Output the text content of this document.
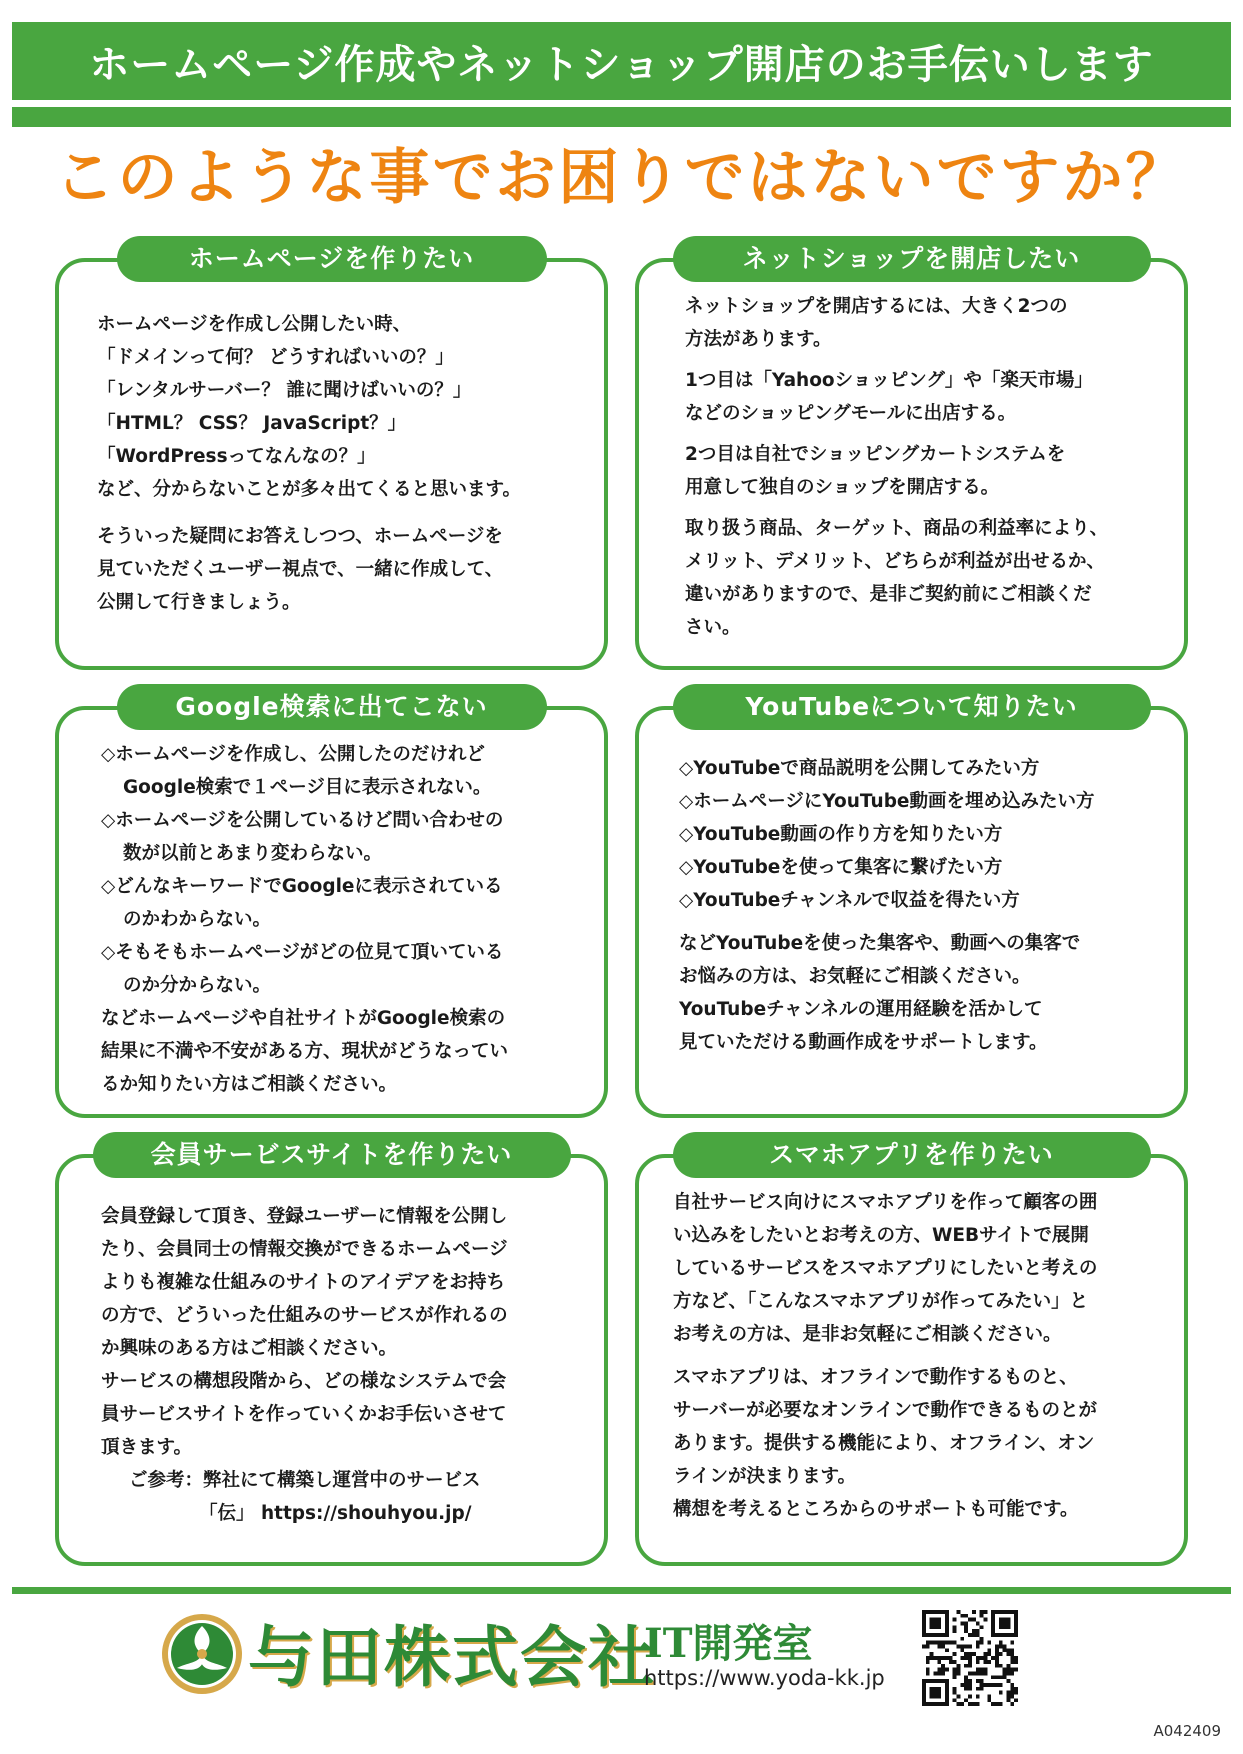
ホームページ作成やネットショップ開店のお手伝いします
このような事でお困りではないですか？
ホームページを作りたい

ホームページを作成し公開したい時、

「ドメインって何？ どうすればいいの？」

「レンタルサーバー？ 誰に聞けばいいの？」

「HTML？ CSS？ JavaScript？」

「WordPressってなんなの？」

など、分からないことが多々出てくると思います。

そういった疑問にお答えしつつ、ホームページを

見ていただくユーザー視点で、一緒に作成して、

公開して行きましょう。

ネットショップを開店したい

ネットショップを開店するには、大きく2つの

方法があります。

1つ目は「Yahooショッピング」や「楽天市場」

などのショッピングモールに出店する。

2つ目は自社でショッピングカートシステムを

用意して独自のショップを開店する。

取り扱う商品、ターゲット、商品の利益率により、

メリット、デメリット、どちらが利益が出せるか、

違いがありますので、是非ご契約前にご相談くだ

さい。

Google検索に出てこない

◇ホームページを作成し、公開したのだけれど

Google検索で１ページ目に表示されない。

◇ホームページを公開しているけど問い合わせの

数が以前とあまり変わらない。

◇どんなキーワードでGoogleに表示されている

のかわからない。

◇そもそもホームページがどの位見て頂いている

のか分からない。

などホームページや自社サイトがGoogle検索の

結果に不満や不安がある方、現状がどうなってい

るか知りたい方はご相談ください。

YouTubeについて知りたい

◇YouTubeで商品説明を公開してみたい方

◇ホームページにYouTube動画を埋め込みたい方

◇YouTube動画の作り方を知りたい方

◇YouTubeを使って集客に繋げたい方

◇YouTubeチャンネルで収益を得たい方

などYouTubeを使った集客や、動画への集客で

お悩みの方は、お気軽にご相談ください。

YouTubeチャンネルの運用経験を活かして

見ていただける動画作成をサポートします。

会員サービスサイトを作りたい

会員登録して頂き、登録ユーザーに情報を公開し

たり、会員同士の情報交換ができるホームページ

よりも複雑な仕組みのサイトのアイデアをお持ち

の方で、どういった仕組みのサービスが作れるの

か興味のある方はご相談ください。

サービスの構想段階から、どの様なシステムで会

員サービスサイトを作っていくかお手伝いさせて

頂きます。

ご参考：弊社にて構築し運営中のサービス

「伝」 https://shouhyou.jp/

スマホアプリを作りたい

自社サービス向けにスマホアプリを作って顧客の囲

い込みをしたいとお考えの方、WEBサイトで展開

しているサービスをスマホアプリにしたいと考えの

方など、「こんなスマホアプリが作ってみたい」と

お考えの方は、是非お気軽にご相談ください。

スマホアプリは、オフラインで動作するものと、

サーバーが必要なオンラインで動作できるものとが

あります。提供する機能により、オフライン、オン

ラインが決まります。

構想を考えるところからのサポートも可能です。

与田株式会社
IT開発室
https://www.yoda-kk.jp
A042409
